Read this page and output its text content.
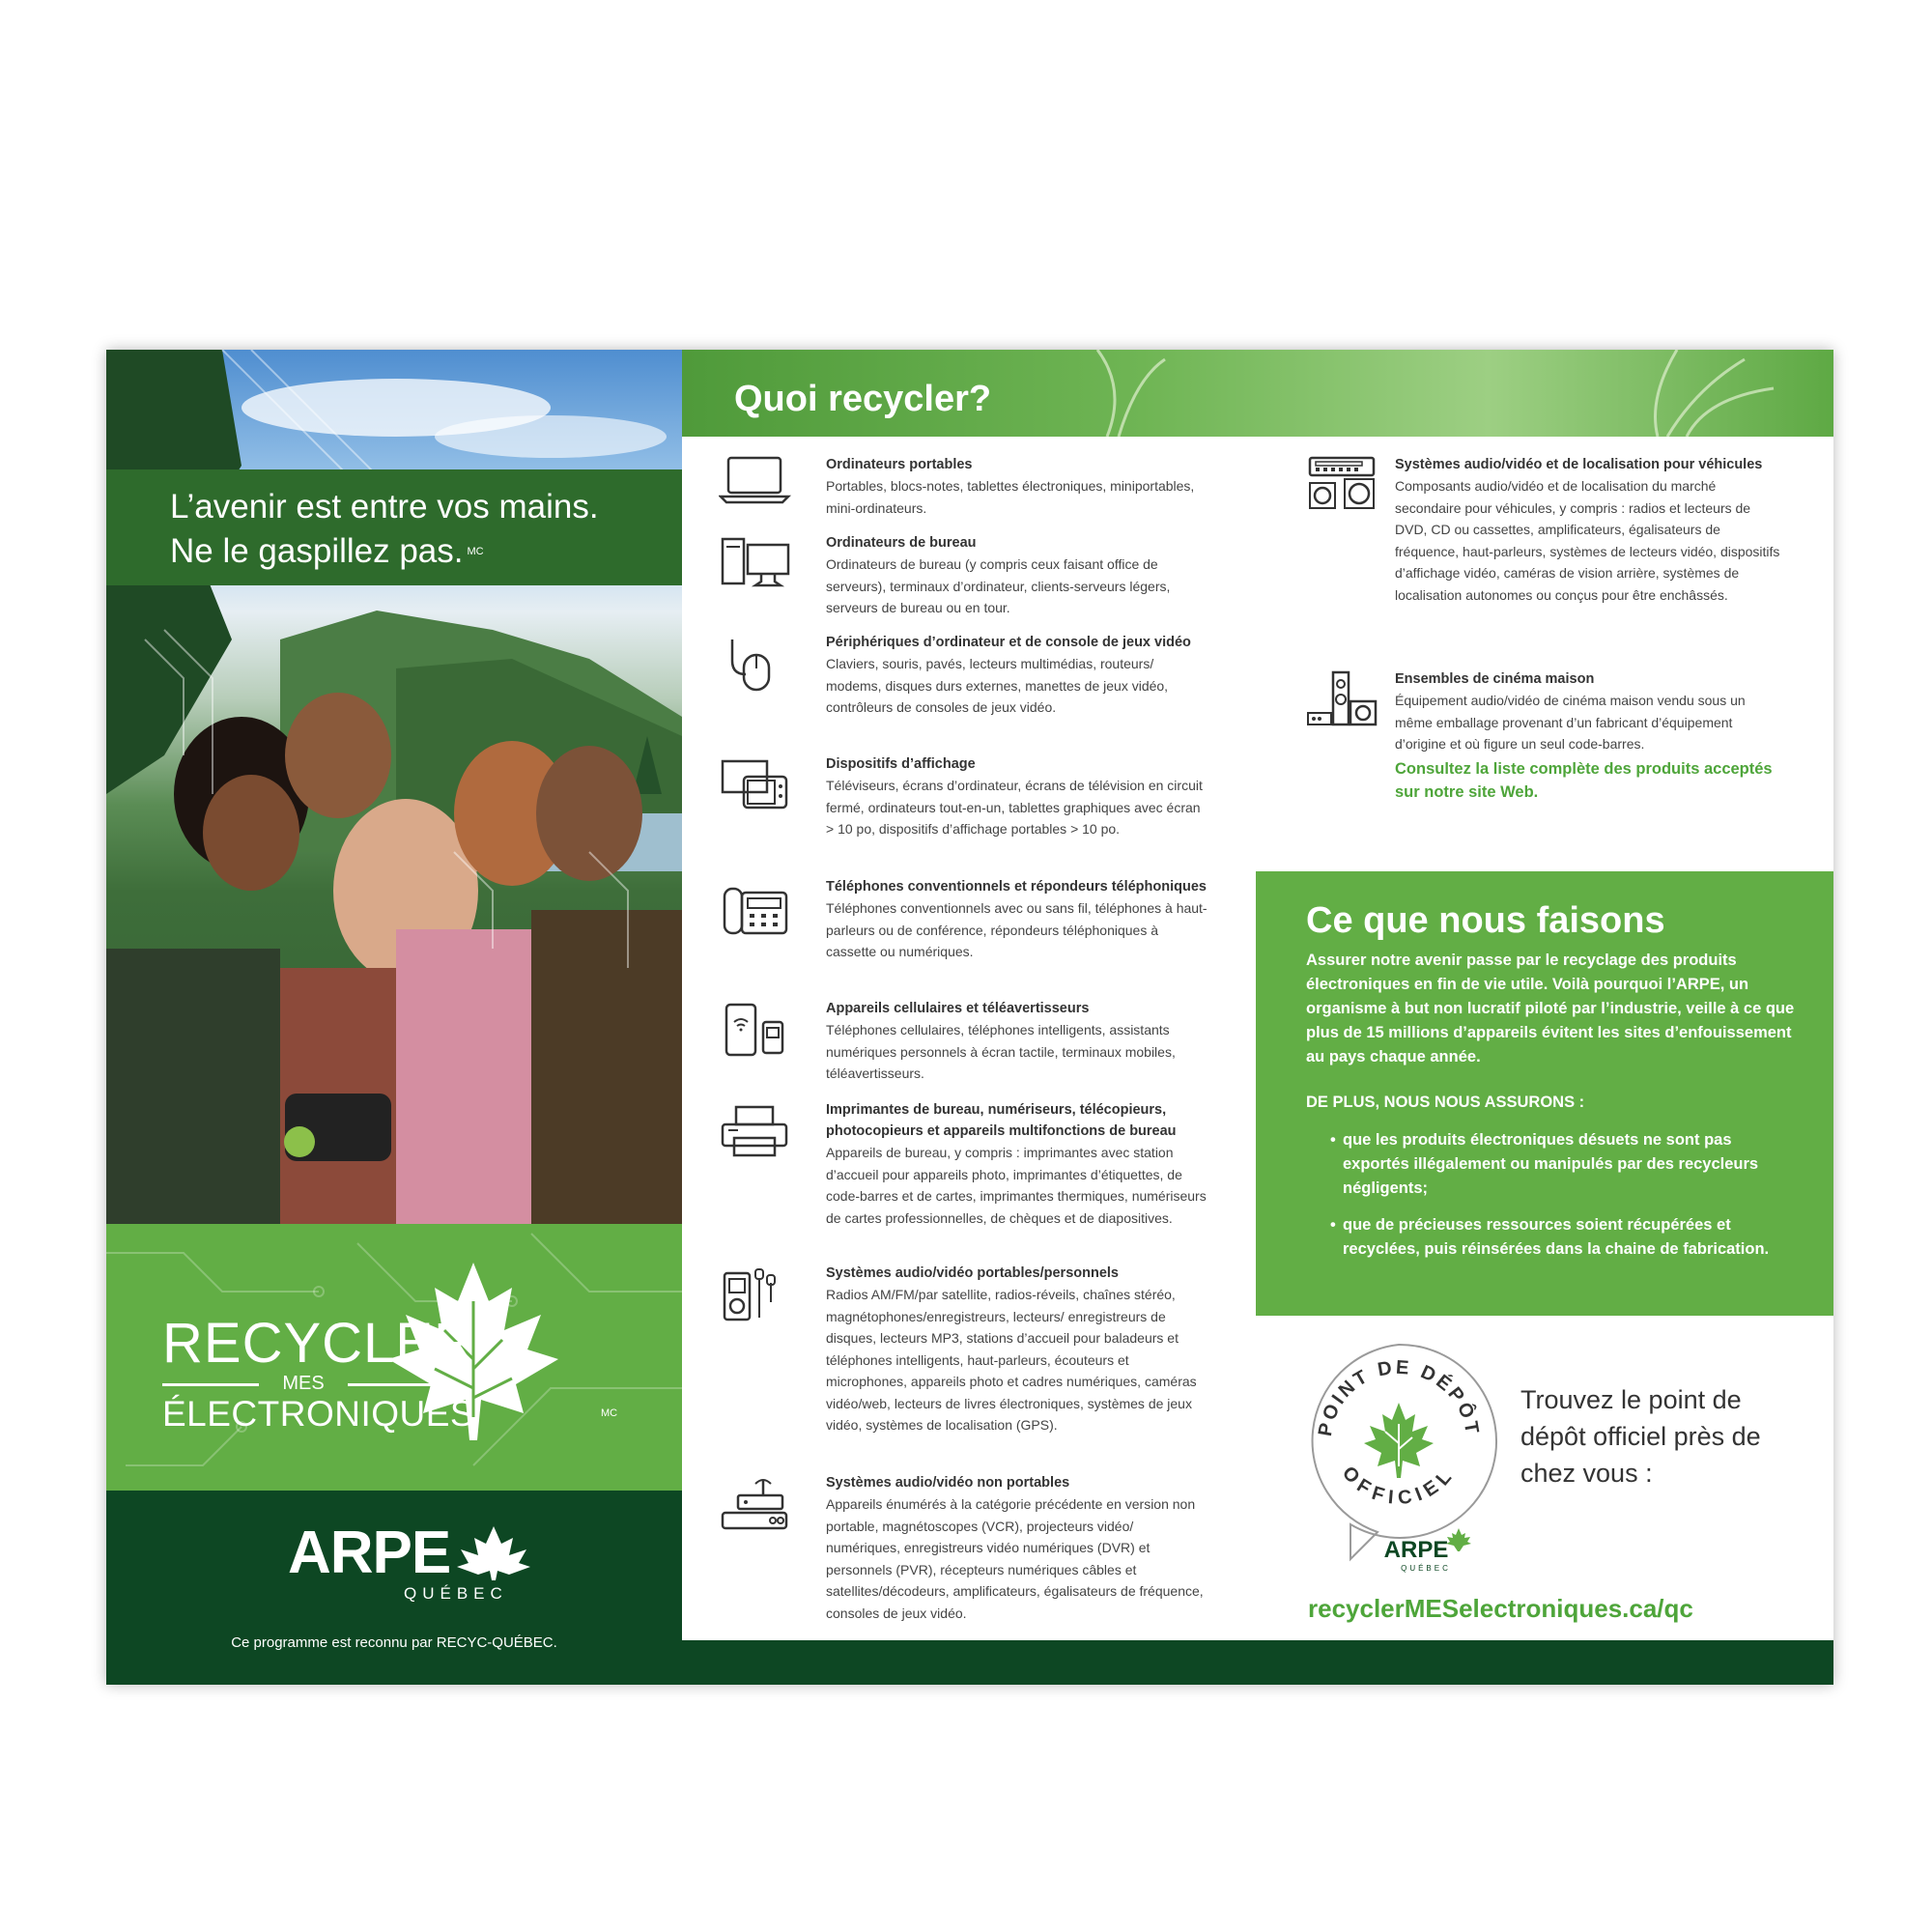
L’avenir est entre vos mains.
Ne le gaspillez pas. $^{MC}$
RECYCLER
MES
ÉLECTRONIQUES	MC
ARPE
QUÉBEC
Ce programme est reconnu par RECYC-QUÉBEC.
Quoi recycler?
Ordinateurs portables
Portables, blocs-notes, tablettes électroniques, miniportables, mini-ordinateurs.
Ordinateurs de bureau
Ordinateurs de bureau (y compris ceux faisant office de serveurs), terminaux d’ordinateur, clients-serveurs légers, serveurs de bureau ou en tour.
Périphériques d’ordinateur et de console de jeux vidéo
Claviers, souris, pavés, lecteurs multimédias, routeurs/ modems, disques durs externes, manettes de jeux vidéo, contrôleurs de consoles de jeux vidéo.
Dispositifs d’affichage
Téléviseurs, écrans d’ordinateur, écrans de télévision en circuit fermé, ordinateurs tout-en-un, tablettes graphiques avec écran > 10 po, dispositifs d’affichage portables > 10 po.
Téléphones conventionnels et répondeurs téléphoniques
Téléphones conventionnels avec ou sans fil, téléphones à haut-parleurs ou de conférence, répondeurs téléphoniques à cassette ou numériques.
Appareils cellulaires et téléavertisseurs
Téléphones cellulaires, téléphones intelligents, assistants numériques personnels à écran tactile, terminaux mobiles, téléavertisseurs.
Imprimantes de bureau, numériseurs, télécopieurs, photocopieurs et appareils multifonctions de bureau
Appareils de bureau, y compris : imprimantes avec station d’accueil pour appareils photo, imprimantes d’étiquettes, de code-barres et de cartes, imprimantes thermiques, numériseurs de cartes professionnelles, de chèques et de diapositives.
Systèmes audio/vidéo portables/personnels
Radios AM/FM/par satellite, radios-réveils, chaînes stéréo, magnétophones/enregistreurs, lecteurs/ enregistreurs de disques, lecteurs MP3, stations d’accueil pour baladeurs et téléphones intelligents, haut-parleurs, écouteurs et microphones, appareils photo et cadres numériques, caméras vidéo/web, lecteurs de livres électroniques, systèmes de jeux vidéo, systèmes de localisation (GPS).
Systèmes audio/vidéo non portables
Appareils énumérés à la catégorie précédente en version non portable, magnétoscopes (VCR), projecteurs vidéo/ numériques, enregistreurs vidéo numériques (DVR) et personnels (PVR), récepteurs numériques câbles et satellites/décodeurs, amplificateurs, égalisateurs de fréquence, consoles de jeux vidéo.
Systèmes audio/vidéo et de localisation pour véhicules
Composants audio/vidéo et de localisation du marché secondaire pour véhicules, y compris : radios et lecteurs de DVD, CD ou cassettes, amplificateurs, égalisateurs de fréquence, haut-parleurs, systèmes de lecteurs vidéo, dispositifs d’affichage vidéo, caméras de vision arrière, systèmes de localisation autonomes ou conçus pour être enchâssés.
Ensembles de cinéma maison
Équipement audio/vidéo de cinéma maison vendu sous un même emballage provenant d’un fabricant d’équipement d’origine et où figure un seul code-barres.
Consultez la liste complète des produits acceptés sur notre site Web.
Ce que nous faisons
Assurer notre avenir passe par le recyclage des produits électroniques en fin de vie utile. Voilà pourquoi l’ARPE, un organisme à but non lucratif piloté par l’industrie, veille à ce que plus de 15 millions d’appareils évitent les sites d’enfouissement au pays chaque année.
DE PLUS, NOUS NOUS ASSURONS :
• que les produits électroniques désuets ne sont pas exportés illégalement ou manipulés par des recycleurs négligents;
• que de précieuses ressources soient récupérées et recyclées, puis réinsérées dans la chaine de fabrication.
POINT DE DÉPÔT
OFFICIEL
ARPE
QUÉBEC
Trouvez le point de dépôt officiel près de chez vous :
recyclerMESelectroniques.ca/qc
